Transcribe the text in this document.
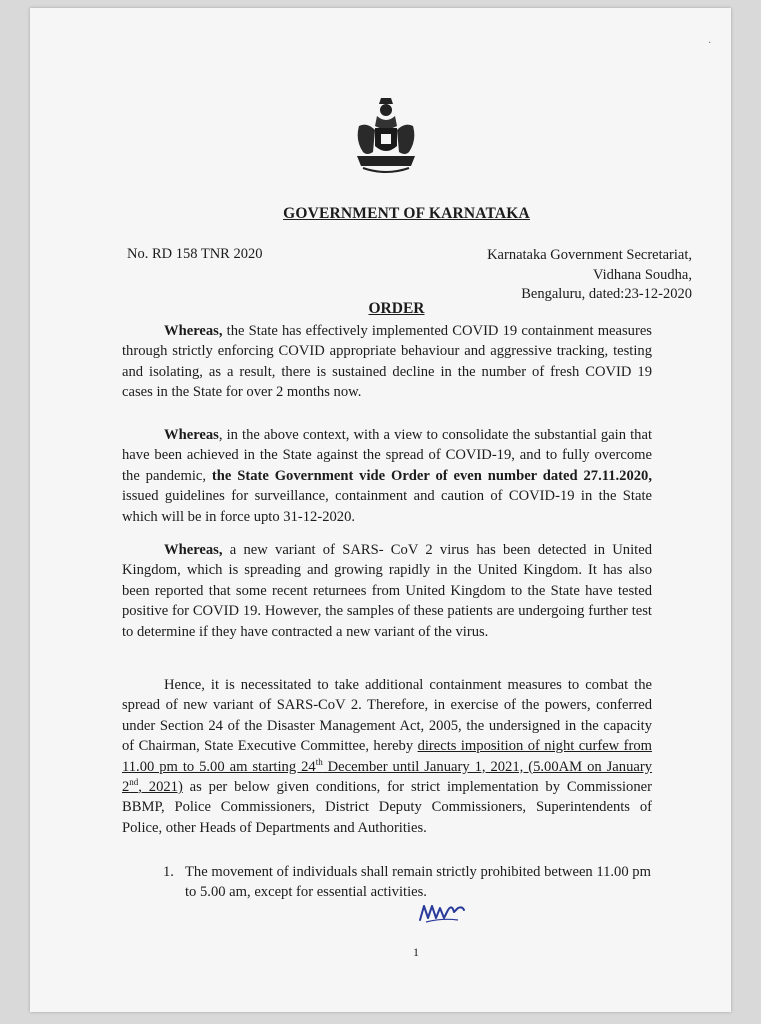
·
GOVERNMENT OF KARNATAKA
No. RD 158 TNR 2020	Karnataka Government Secretariat,
Vidhana Soudha,
Bengaluru, dated:23-12-2020
ORDER

Whereas, the State has effectively implemented COVID 19 containment measures through strictly enforcing COVID appropriate behaviour and aggressive tracking, testing and isolating, as a result, there is sustained decline in the number of fresh COVID 19 cases in the State for over 2 months now.

Whereas, in the above context, with a view to consolidate the substantial gain that have been achieved in the State against the spread of COVID-19, and to fully overcome the pandemic, the State Government vide Order of even number dated 27.11.2020, issued guidelines for surveillance, containment and caution of COVID-19 in the State which will be in force upto 31-12-2020.

Whereas, a new variant of SARS- CoV 2 virus has been detected in United Kingdom, which is spreading and growing rapidly in the United Kingdom. It has also been reported that some recent returnees from United Kingdom to the State have tested positive for COVID 19. However, the samples of these patients are undergoing further test to determine if they have contracted a new variant of the virus.

Hence, it is necessitated to take additional containment measures to combat the spread of new variant of SARS-CoV 2. Therefore, in exercise of the powers, conferred under Section 24 of the Disaster Management Act, 2005, the undersigned in the capacity of Chairman, State Executive Committee, hereby directs imposition of night curfew from 11.00 pm to 5.00 am starting 24th December until January 1, 2021, (5.00AM on January 2nd, 2021) as per below given conditions, for strict implementation by Commissioner BBMP, Police Commissioners, District Deputy Commissioners, Superintendents of Police, other Heads of Departments and Authorities.

1. The movement of individuals shall remain strictly prohibited between 11.00 pm to 5.00 am, except for essential activities.
1
